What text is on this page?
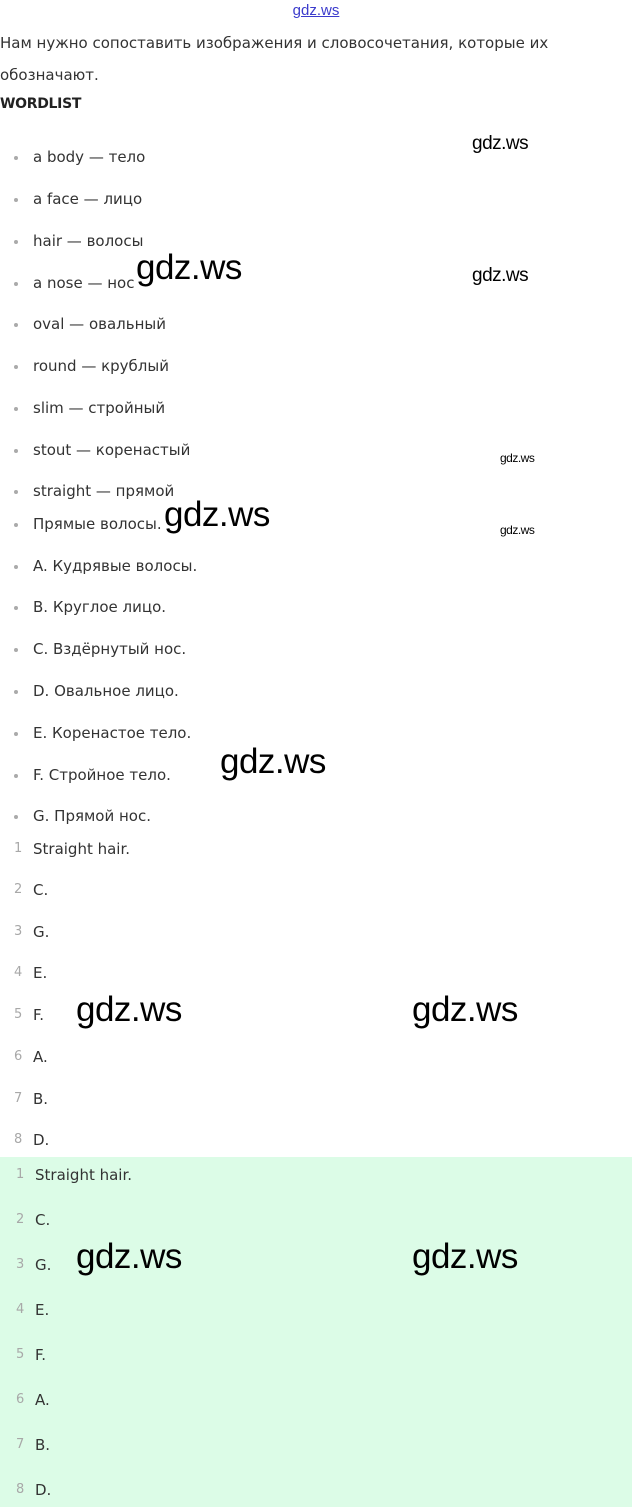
gdz.ws
Нам нужно сопоставить изображения и словосочетания, которые их обозначают.
WORDLIST
a body — тело
a face — лицо
hair — волосы
a nose — нос
oval — овальный
round — крублый
slim — стройный
stout — коренастый
straight — прямой
Прямые волосы.
A. Кудрявые волосы.
B. Круглое лицо.
C. Вздёрнутый нос.
D. Овальное лицо.
E. Коренастое тело.
F. Стройное тело.
G. Прямой нос.
1 Straight hair.
2 C.
3 G.
4 E.
5 F.
6 A.
7 B.
8 D.
1 Straight hair.
2 C.
3 G.
4 E.
5 F.
6 A.
7 B.
8 D.
gdz.ws
gdz.ws	gdz.ws
gdz.ws
gdz.ws	gdz.ws
gdz.ws
gdz.ws	gdz.ws
gdz.ws	gdz.ws
